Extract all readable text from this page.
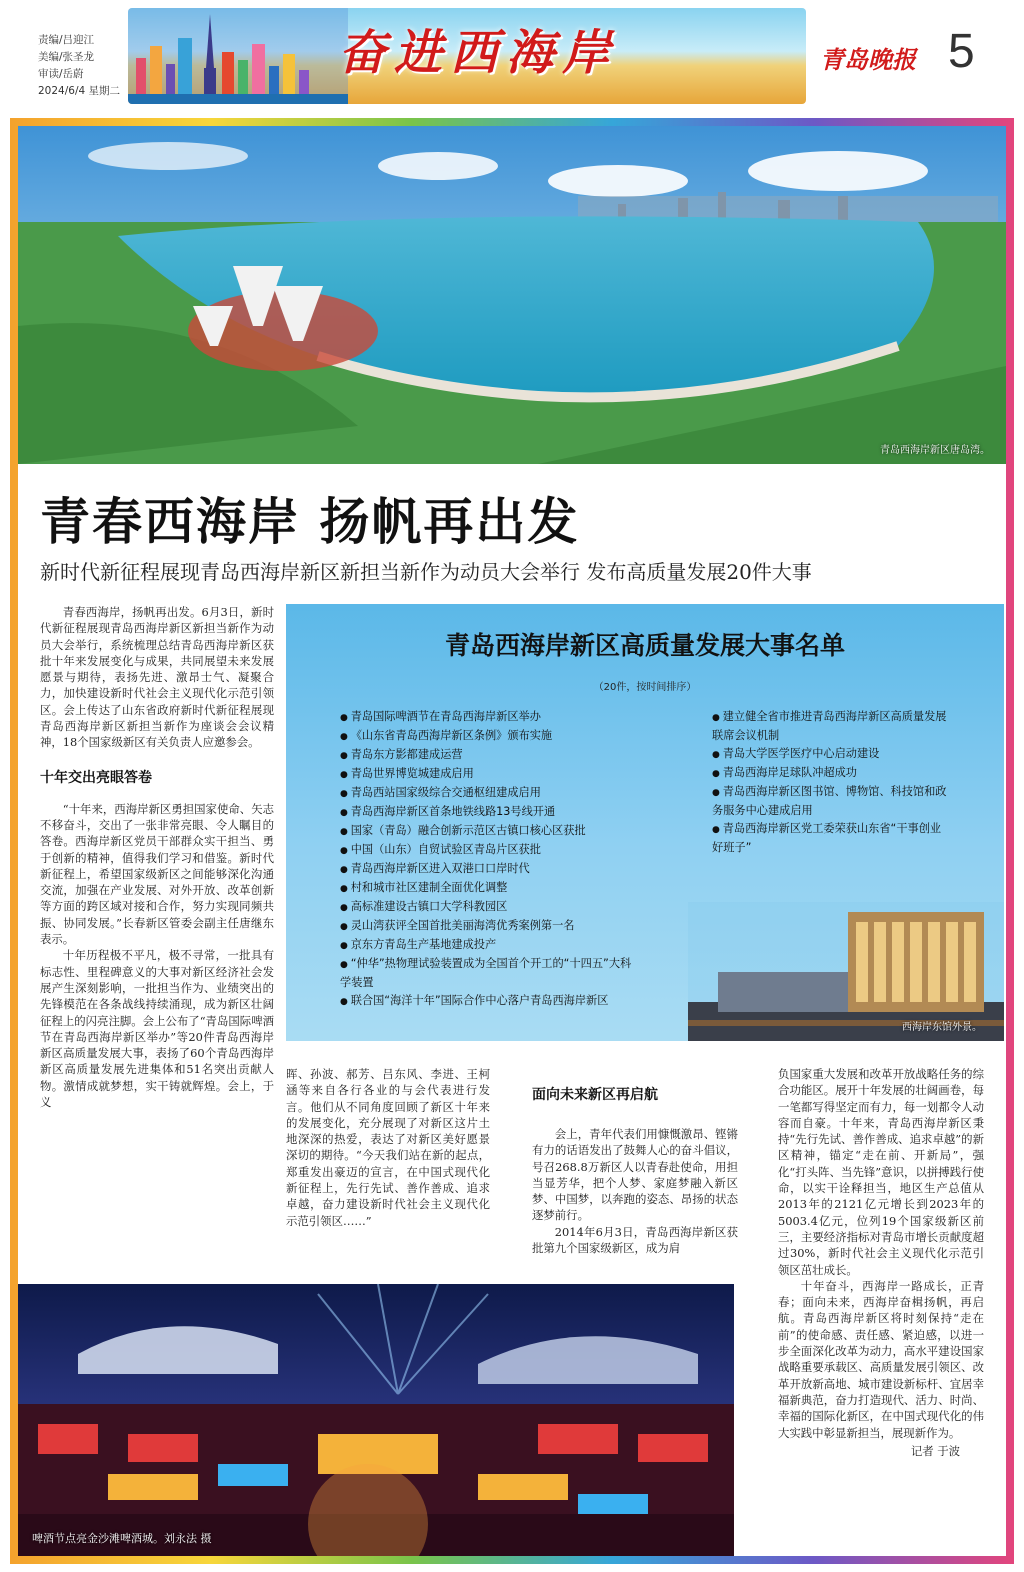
责编/吕迎江
美编/张圣龙
审读/岳蔚
2024/6/4 星期二
奋进西海岸	青岛晚报 5
青岛西海岸新区唐岛湾。
青春西海岸 扬帆再出发
新时代新征程展现青岛西海岸新区新担当新作为动员大会举行 发布高质量发展20件大事

青春西海岸，扬帆再出发。6月3日，新时代新征程展现青岛西海岸新区新担当新作为动员大会举行，系统梳理总结青岛西海岸新区获批十年来发展变化与成果，共同展望未来发展愿景与期待，表扬先进、激昂士气、凝聚合力，加快建设新时代社会主义现代化示范引领区。会上传达了山东省政府新时代新征程展现青岛西海岸新区新担当新作为座谈会会议精神，18个国家级新区有关负责人应邀参会。

十年交出亮眼答卷

“十年来，西海岸新区勇担国家使命、矢志不移奋斗，交出了一张非常亮眼、令人瞩目的答卷。西海岸新区党员干部群众实干担当、勇于创新的精神，值得我们学习和借鉴。新时代新征程上，希望国家级新区之间能够深化沟通交流，加强在产业发展、对外开放、改革创新等方面的跨区域对接和合作，努力实现同频共振、协同发展。”长春新区管委会副主任唐继东表示。

十年历程极不平凡，极不寻常，一批具有标志性、里程碑意义的大事对新区经济社会发展产生深刻影响，一批担当作为、业绩突出的先锋模范在各条战线持续涌现，成为新区壮阔征程上的闪亮注脚。会上公布了“青岛国际啤酒节在青岛西海岸新区举办”等20件青岛西海岸新区高质量发展大事，表扬了60个青岛西海岸新区高质量发展先进集体和51名突出贡献人物。激情成就梦想，实干铸就辉煌。会上，于义

青岛西海岸新区高质量发展大事名单
（20件，按时间排序）
● 青岛国际啤酒节在青岛西海岸新区举办
● 《山东省青岛西海岸新区条例》颁布实施
● 青岛东方影都建成运营
● 青岛世界博览城建成启用
● 青岛西站国家级综合交通枢纽建成启用
● 青岛西海岸新区首条地铁线路13号线开通
● 国家（青岛）融合创新示范区古镇口核心区获批
● 中国（山东）自贸试验区青岛片区获批
● 青岛西海岸新区进入双港口口岸时代
● 村和城市社区建制全面优化调整
● 高标准建设古镇口大学科教园区
● 灵山湾获评全国首批美丽海湾优秀案例第一名
● 京东方青岛生产基地建成投产
● “仲华”热物理试验装置成为全国首个开工的“十四五”大科学装置
● 联合国“海洋十年”国际合作中心落户青岛西海岸新区
● 建立健全省市推进青岛西海岸新区高质量发展联席会议机制
● 青岛大学医学医疗中心启动建设
● 青岛西海岸足球队冲超成功
● 青岛西海岸新区图书馆、博物馆、科技馆和政务服务中心建成启用
● 青岛西海岸新区党工委荣获山东省“干事创业好班子”
西海岸东馆外景。

晖、孙波、郝芳、吕东风、李进、王柯涵等来自各行各业的与会代表进行发言。他们从不同角度回顾了新区十年来的发展变化，充分展现了对新区这片土地深深的热爱，表达了对新区美好愿景深切的期待。“今天我们站在新的起点，郑重发出豪迈的宣言，在中国式现代化新征程上，先行先试、善作善成、追求卓越，奋力建设新时代社会主义现代化示范引领区……”

面向未来新区再启航

会上，青年代表们用慷慨激昂、铿锵有力的话语发出了鼓舞人心的奋斗倡议，号召268.8万新区人以青春赴使命，用担当显芳华，把个人梦、家庭梦融入新区梦、中国梦，以奔跑的姿态、昂扬的状态逐梦前行。

2014年6月3日，青岛西海岸新区获批第九个国家级新区，成为肩

负国家重大发展和改革开放战略任务的综合功能区。展开十年发展的壮阔画卷，每一笔都写得坚定而有力，每一划都令人动容而自豪。十年来，青岛西海岸新区秉持“先行先试、善作善成、追求卓越”的新区精神，锚定“走在前、开新局”，强化“打头阵、当先锋”意识，以拼搏践行使命，以实干诠释担当，地区生产总值从2013年的2121亿元增长到2023年的5003.4亿元，位列19个国家级新区前三，主要经济指标对青岛市增长贡献度超过30%，新时代社会主义现代化示范引领区茁壮成长。

十年奋斗，西海岸一路成长，正青春；面向未来，西海岸奋楫扬帆，再启航。青岛西海岸新区将时刻保持“走在前”的使命感、责任感、紧迫感，以进一步全面深化改革为动力，高水平建设国家战略重要承载区、高质量发展引领区、改革开放新高地、城市建设新标杆、宜居幸福新典范，奋力打造现代、活力、时尚、幸福的国际化新区，在中国式现代化的伟大实践中彰显新担当，展现新作为。

记者 于波
啤酒节点亮金沙滩啤酒城。刘永法 摄
